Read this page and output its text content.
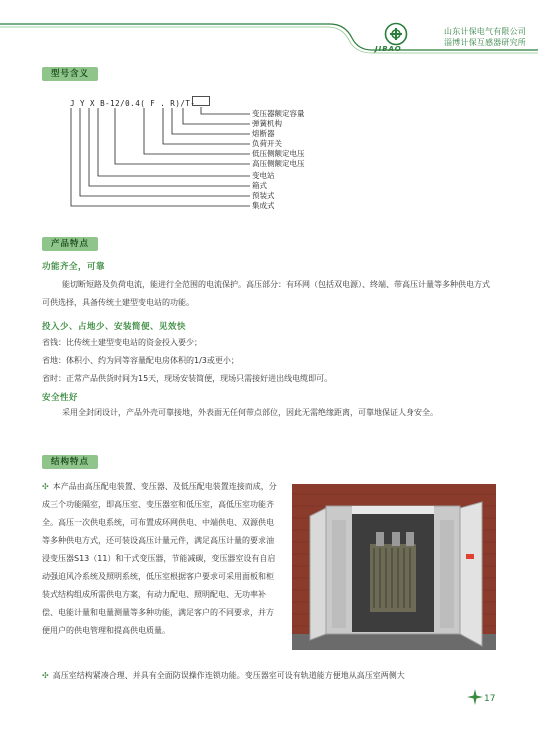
JIBAO
山东计保电气有限公司
淄博计保互感器研究所
型号含义
J Y X B-12/0.4( F . R)/T-
变压器额定容量
弹簧机构
熔断器
负荷开关
低压侧额定电压
高压侧额定电压
变电站
箱式
预装式
集成式
产品特点
功能齐全，可靠
能切断短路及负荷电流，能进行全范围的电流保护。高压部分：有环网（包括双电源）、终端、带高压计量等多种供电方式可供选择，具备传统土建型变电站的功能。
投入少、占地少、安装简便、见效快
省钱：比传统土建型变电站的资金投入要少；
省地：体积小、约为同等容量配电房体积的1/3或更小；
省时：正常产品供货时间为15天，现场安装简便，现场只需接好进出线电缆即可。
安全性好
采用全封闭设计，产品外壳可靠接地，外表面无任何带点部位，因此无需绝缘距离，可靠地保证人身安全。
结构特点
✣ 本产品由高压配电装置、变压器、及低压配电装置连接而成，分成三个功能隔室，即高压室、变压器室和低压室，高低压室功能齐全。高压一次供电系统，可布置成环网供电、中端供电、双源供电等多种供电方式，还可装设高压计量元件，满足高压计量的要求油浸变压器S13（11）和干式变压器，节能减碳，变压器室设有自启动强迫风冷系统及照明系统，低压室根据客户要求可采用面板和柜装式结构组成所需供电方案，有动力配电、照明配电、无功率补偿、电能计量和电量测量等多种功能，满足客户的不同要求，并方便用户的供电管理和提高供电质量。
✣ 高压室结构紧凑合理、并具有全面防误操作连锁功能。变压器室可设有轨道能方便地从高压室两侧大
17
